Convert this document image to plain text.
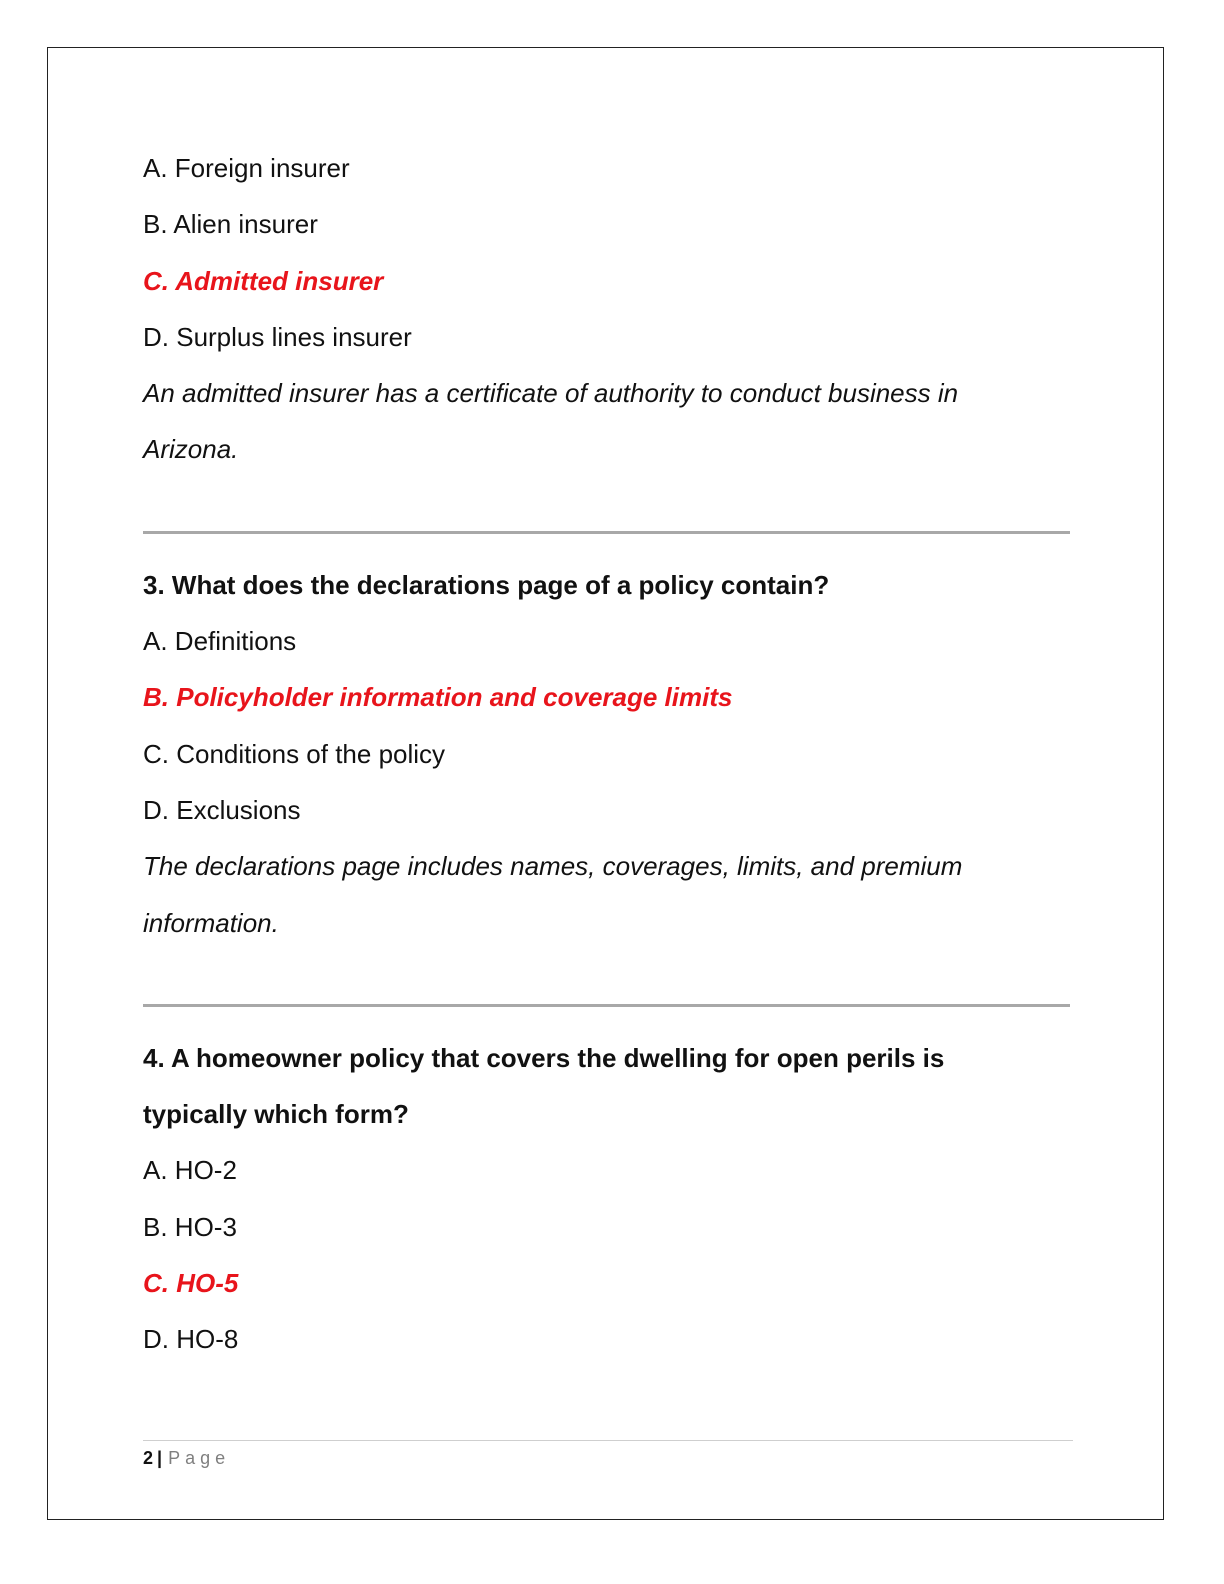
A. Foreign insurer
B. Alien insurer
C. Admitted insurer
D. Surplus lines insurer
An admitted insurer has a certificate of authority to conduct business in
Arizona.
3. What does the declarations page of a policy contain?
A. Definitions
B. Policyholder information and coverage limits
C. Conditions of the policy
D. Exclusions
The declarations page includes names, coverages, limits, and premium
information.
4. A homeowner policy that covers the dwelling for open perils is
typically which form?
A. HO-2
B. HO-3
C. HO-5
D. HO-8
2 | Page
